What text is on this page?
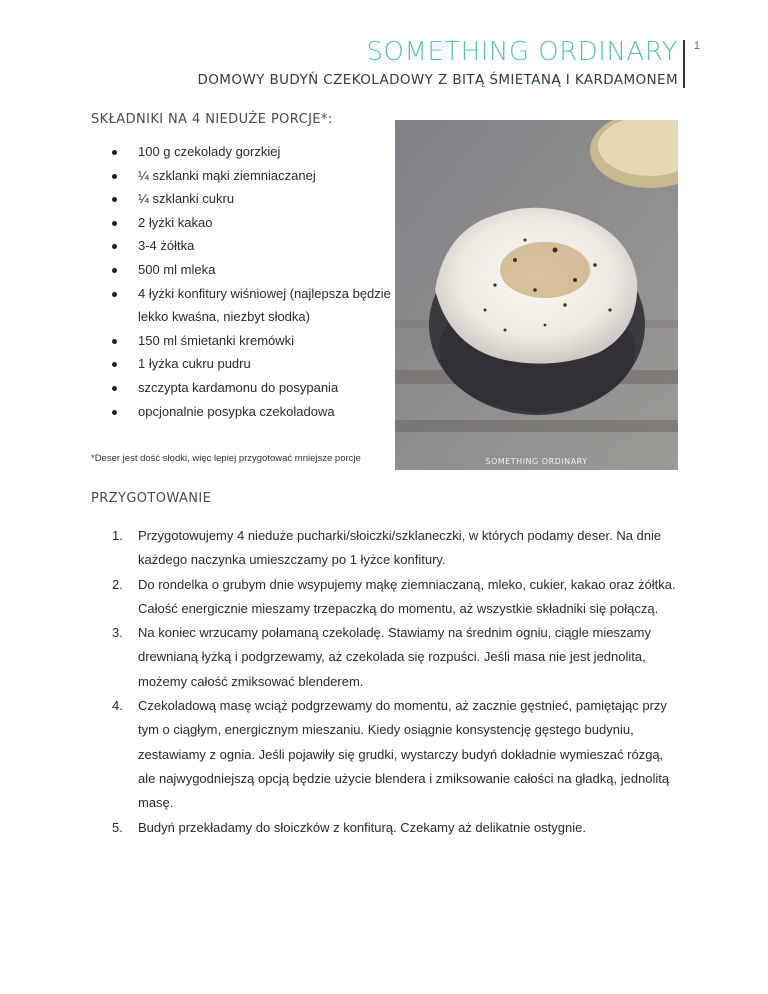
SOMETHING ORDINARY
DOMOWY BUDYŃ CZEKOLADOWY Z BITĄ ŚMIETANĄ I KARDAMONEM
1
SKŁADNIKI NA 4 NIEDUŻE PORCJE*:
100 g czekolady gorzkiej
¼ szklanki mąki ziemniaczanej
¼ szklanki cukru
2 łyżki kakao
3-4 żółtka
500 ml mleka
4 łyżki konfitury wiśniowej (najlepsza będzie lekko kwaśna, niezbyt słodka)
150 ml śmietanki kremówki
1 łyżka cukru pudru
szczypta kardamonu do posypania
opcjonalnie posypka czekoladowa
*Deser jest dość słodki, więc lepiej przygotować mniejsze porcje	SOMETHING ORDINARY
PRZYGOTOWANIE
1. Przygotowujemy 4 nieduże pucharki/słoiczki/szklaneczki, w których podamy deser. Na dnie każdego naczynka umieszczamy po 1 łyżce konfitury.
2. Do rondelka o grubym dnie wsypujemy mąkę ziemniaczaną, mleko, cukier, kakao oraz żółtka. Całość energicznie mieszamy trzepaczką do momentu, aż wszystkie składniki się połączą.
3. Na koniec wrzucamy połamaną czekoladę. Stawiamy na średnim ogniu, ciągle mieszamy drewnianą łyżką i podgrzewamy, aż czekolada się rozpuści. Jeśli masa nie jest jednolita, możemy całość zmiksować blenderem.
4. Czekoladową masę wciąż podgrzewamy do momentu, aż zacznie gęstnieć, pamiętając przy tym o ciągłym, energicznym mieszaniu. Kiedy osiągnie konsystencję gęstego budyniu, zestawiamy z ognia. Jeśli pojawiły się grudki, wystarczy budyń dokładnie wymieszać rózgą, ale najwygodniejszą opcją będzie użycie blendera i zmiksowanie całości na gładką, jednolitą masę.
5. Budyń przekładamy do słoiczków z konfiturą. Czekamy aż delikatnie ostygnie.
